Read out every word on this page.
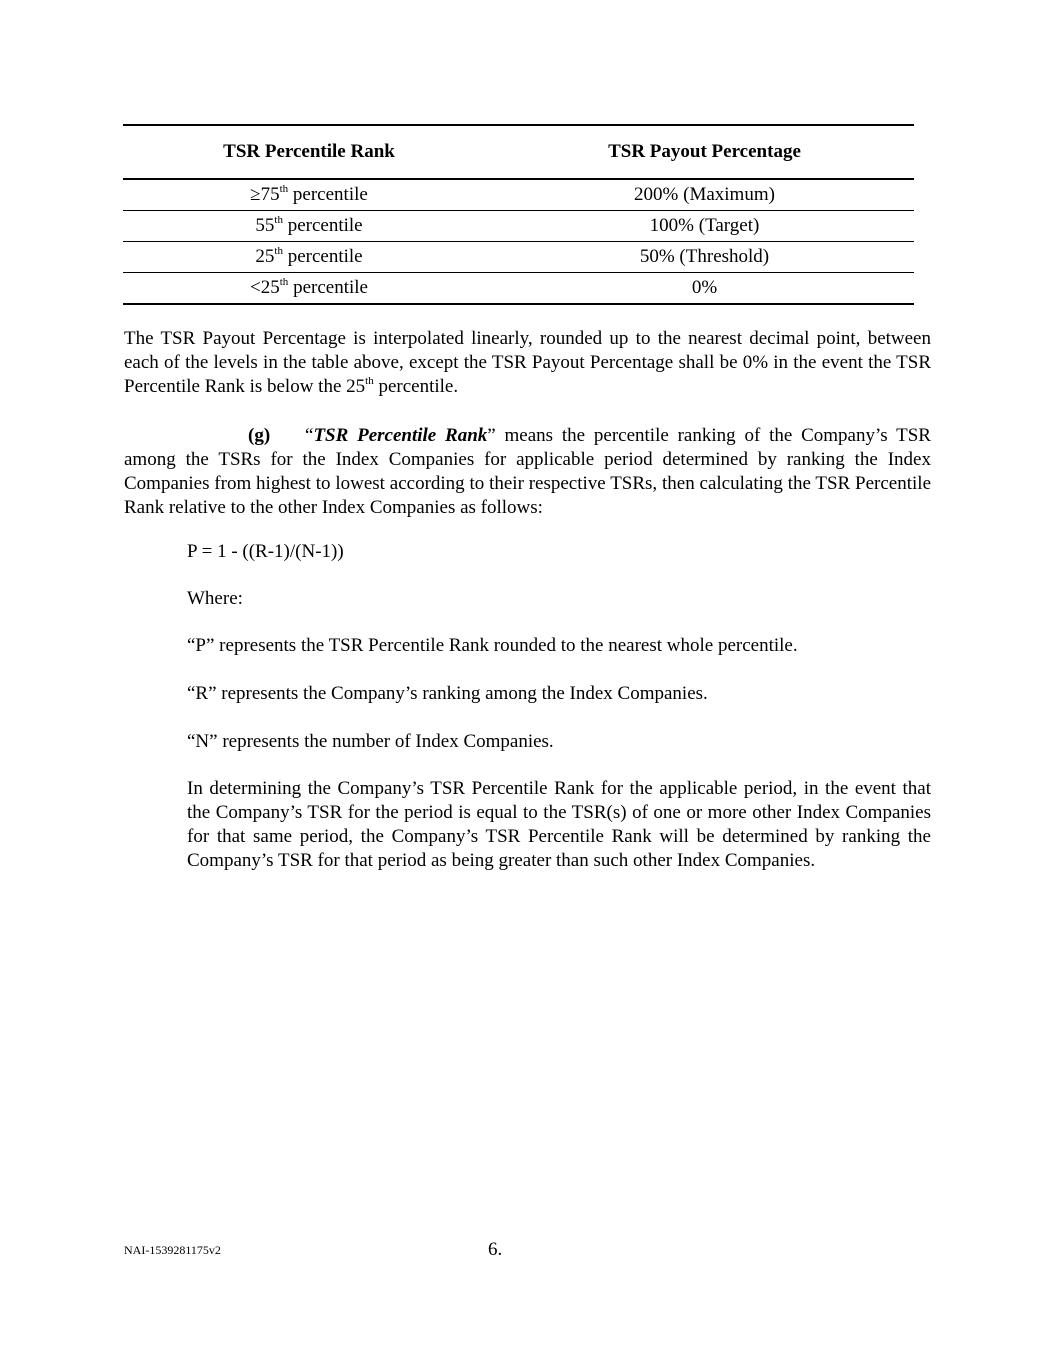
TSR Percentile Rank	TSR Payout Percentage
≥75th percentile	200% (Maximum)
55th percentile	100% (Target)
25th percentile	50% (Threshold)
<25th percentile	0%

The TSR Payout Percentage is interpolated linearly, rounded up to the nearest decimal point, between each of the levels in the table above, except the TSR Payout Percentage shall be 0% in the event the TSR Percentile Rank is below the 25th percentile.

(g) “TSR Percentile Rank” means the percentile ranking of the Company’s TSR among the TSRs for the Index Companies for applicable period determined by ranking the Index Companies from highest to lowest according to their respective TSRs, then calculating the TSR Percentile Rank relative to the other Index Companies as follows:

P = 1 - ((R-1)/(N-1))

Where:

“P” represents the TSR Percentile Rank rounded to the nearest whole percentile.

“R” represents the Company’s ranking among the Index Companies.

“N” represents the number of Index Companies.

In determining the Company’s TSR Percentile Rank for the applicable period, in the event that the Company’s TSR for the period is equal to the TSR(s) of one or more other Index Companies for that same period, the Company’s TSR Percentile Rank will be determined by ranking the Company’s TSR for that period as being greater than such other Index Companies.

NAI-1539281175v2	6.
